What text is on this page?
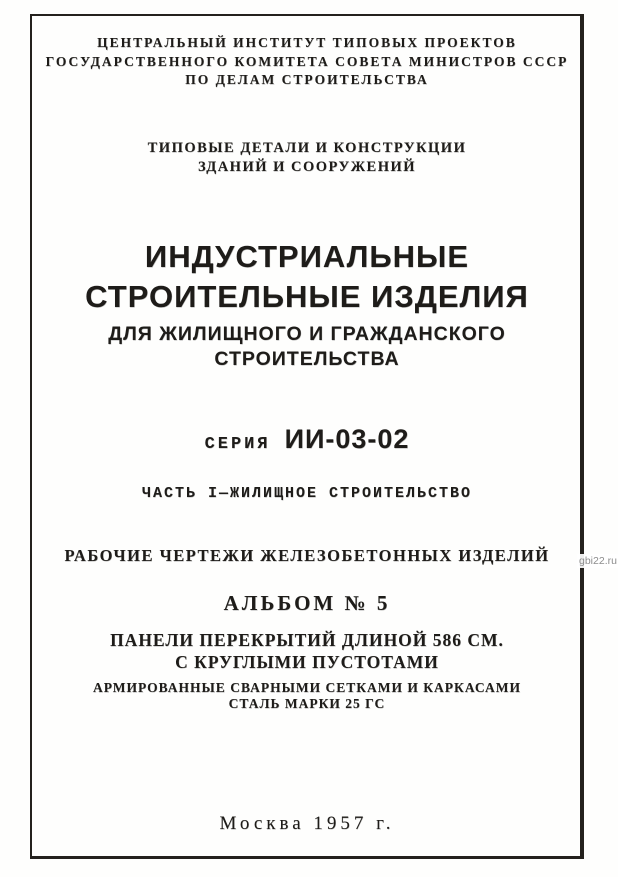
ЦЕНТРАЛЬНЫЙ ИНСТИТУТ ТИПОВЫХ ПРОЕКТОВ
ГОСУДАРСТВЕННОГО КОМИТЕТА СОВЕТА МИНИСТРОВ СССР
ПО ДЕЛАМ СТРОИТЕЛЬСТВА
ТИПОВЫЕ ДЕТАЛИ И КОНСТРУКЦИИ
ЗДАНИЙ И СООРУЖЕНИЙ
ИНДУСТРИАЛЬНЫЕ
СТРОИТЕЛЬНЫЕ ИЗДЕЛИЯ
ДЛЯ ЖИЛИЩНОГО И ГРАЖДАНСКОГО
СТРОИТЕЛЬСТВА
СЕРИЯ ИИ-03-02
ЧАСТЬ I—ЖИЛИЩНОЕ СТРОИТЕЛЬСТВО
РАБОЧИЕ ЧЕРТЕЖИ ЖЕЛЕЗОБЕТОННЫХ ИЗДЕЛИЙ
АЛЬБОМ № 5
ПАНЕЛИ ПЕРЕКРЫТИЙ ДЛИНОЙ 586 СМ.
С КРУГЛЫМИ ПУСТОТАМИ
АРМИРОВАННЫЕ СВАРНЫМИ СЕТКАМИ И КАРКАСАМИ
СТАЛЬ МАРКИ 25 ГС
Москва 1957 г.
gbi22.ru
